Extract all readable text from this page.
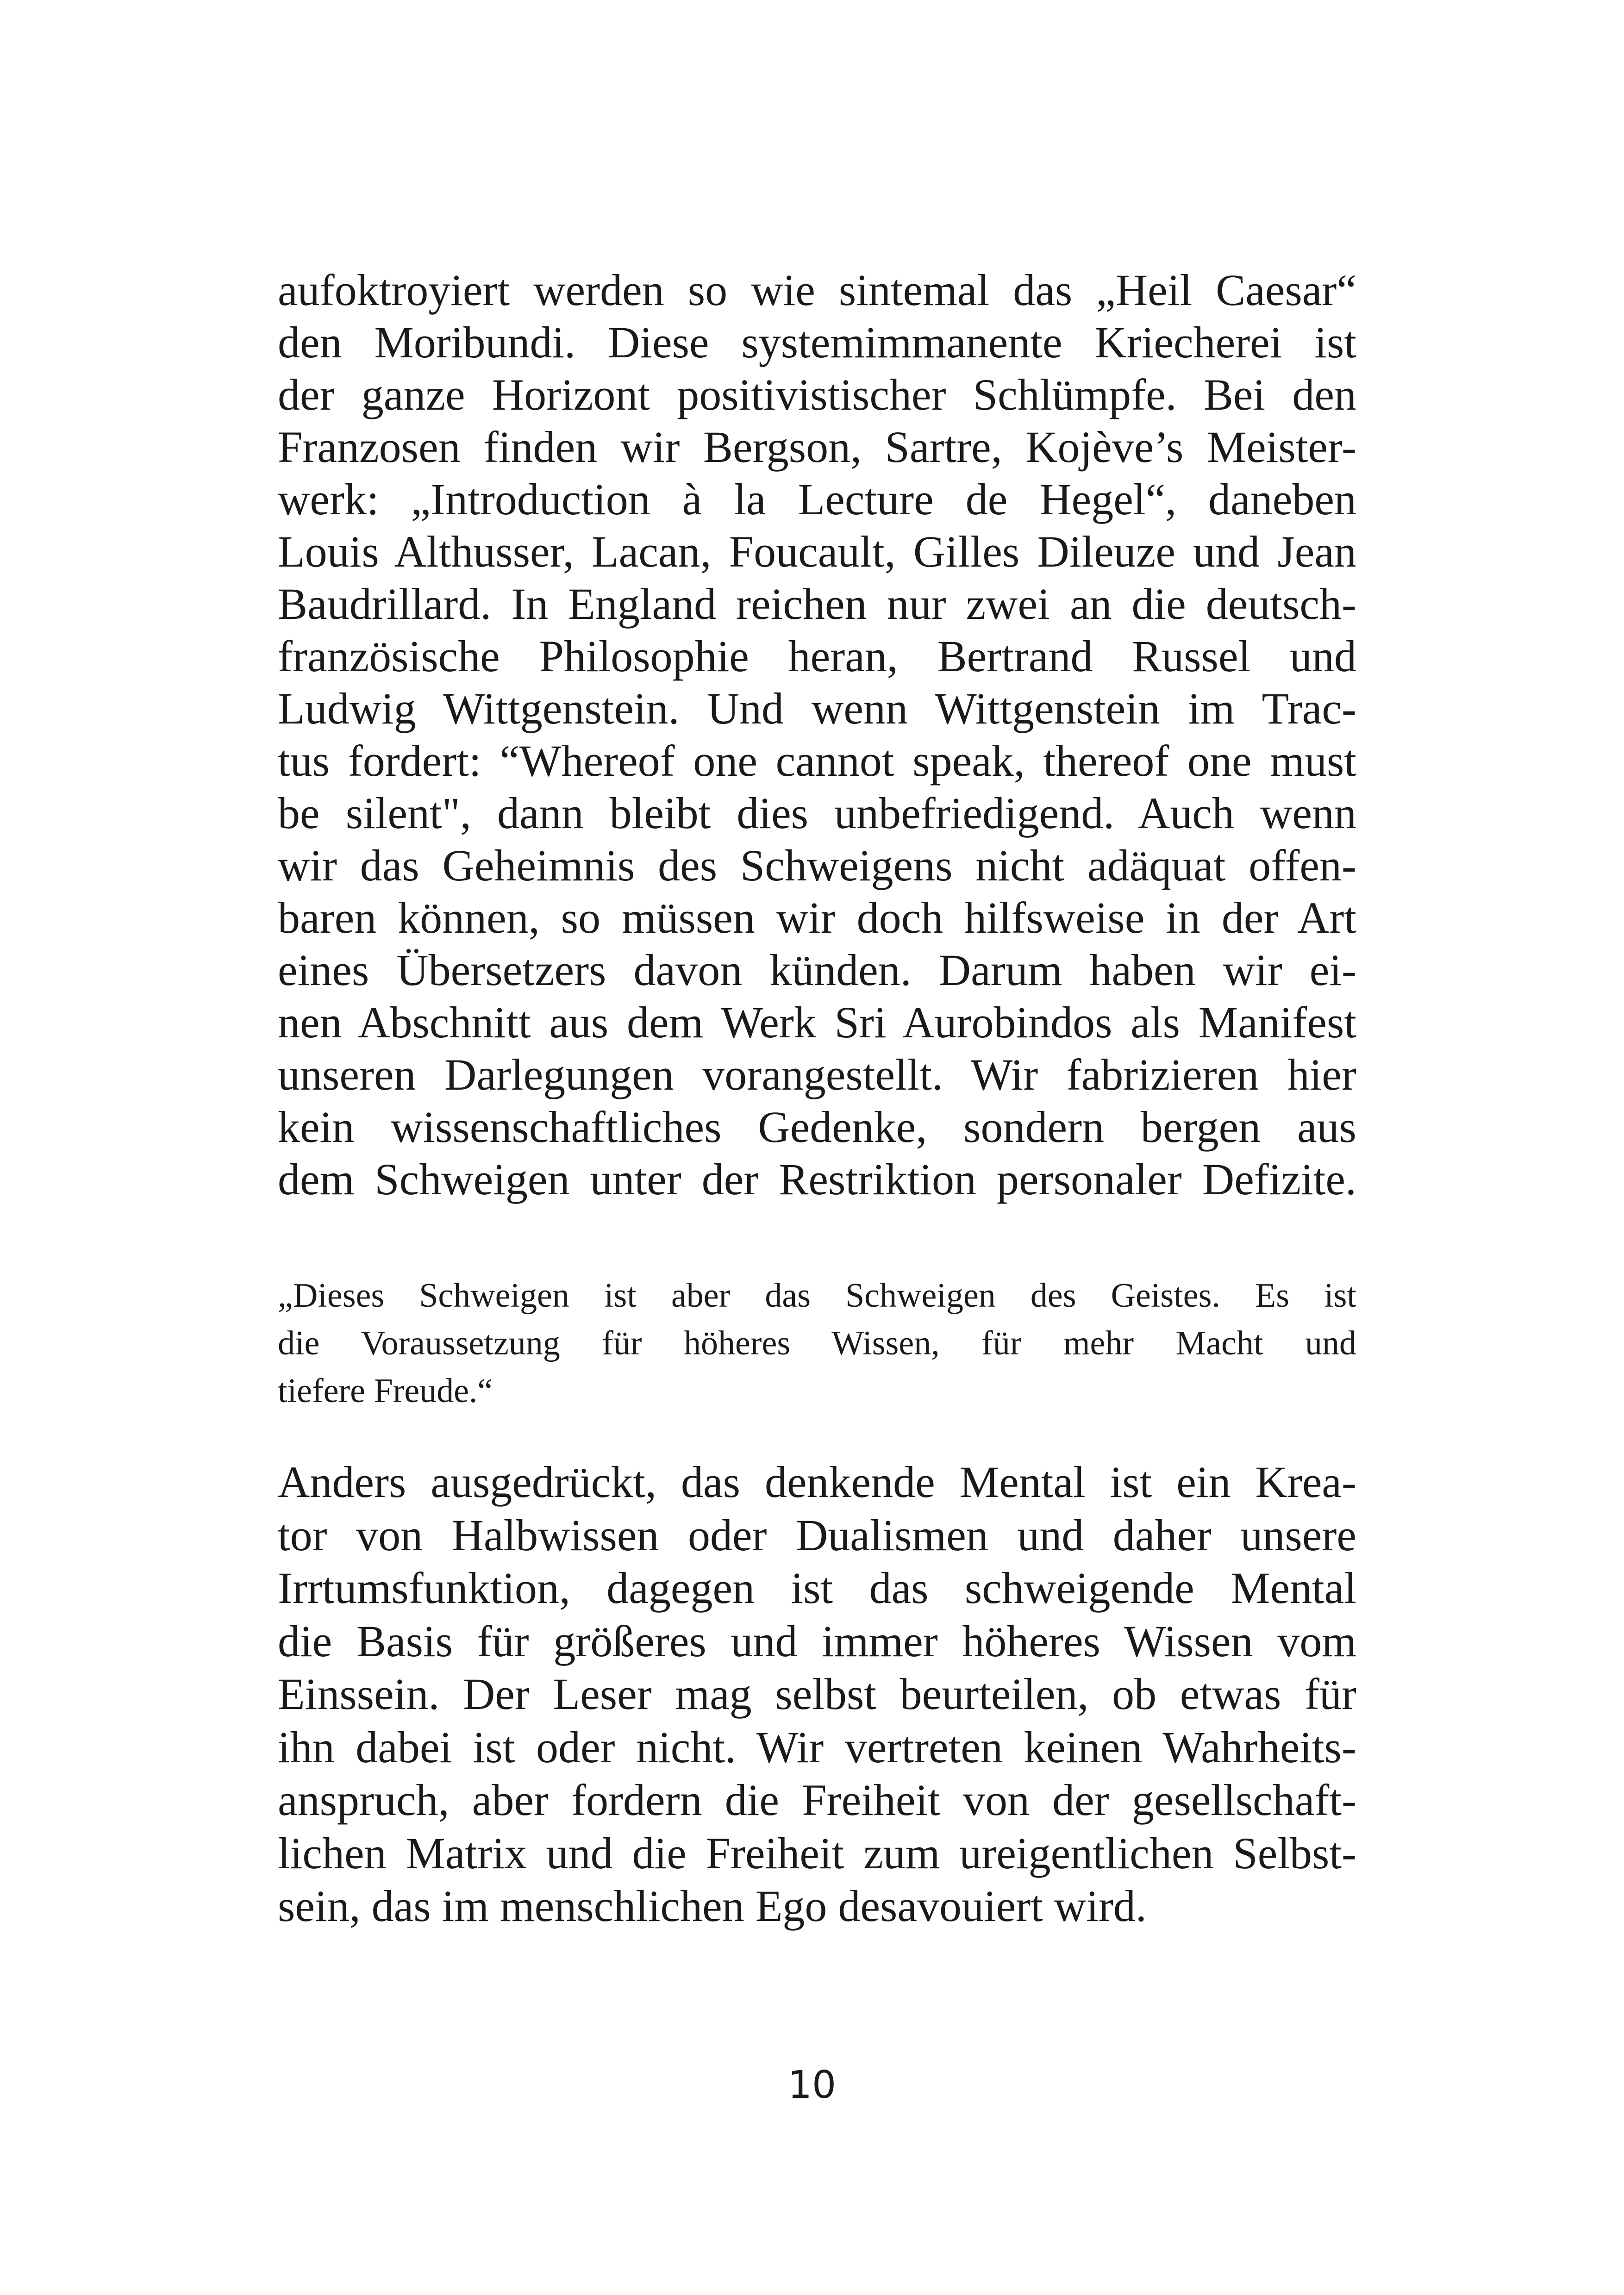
aufoktroyiert werden so wie sintemal das „Heil Caesar“
den Moribundi. Diese systemimmanente Kriecherei ist
der ganze Horizont positivistischer Schlümpfe. Bei den
Franzosen finden wir Bergson, Sartre, Kojève’s Meister-
werk: „Introduction à la Lecture de Hegel“, daneben
Louis Althusser, Lacan, Foucault, Gilles Dileuze und Jean
Baudrillard. In England reichen nur zwei an die deutsch-
französische Philosophie heran, Bertrand Russel und
Ludwig Wittgenstein. Und wenn Wittgenstein im Trac-
tus fordert: “Whereof one cannot speak, thereof one must
be silent", dann bleibt dies unbefriedigend. Auch wenn
wir das Geheimnis des Schweigens nicht adäquat offen-
baren können, so müssen wir doch hilfsweise in der Art
eines Übersetzers davon künden. Darum haben wir ei-
nen Abschnitt aus dem Werk Sri Aurobindos als Manifest
unseren Darlegungen vorangestellt. Wir fabrizieren hier
kein wissenschaftliches Gedenke, sondern bergen aus
dem Schweigen unter der Restriktion personaler Defizite.
„Dieses Schweigen ist aber das Schweigen des Geistes. Es ist
die Voraussetzung für höheres Wissen, für mehr Macht und
tiefere Freude.“
Anders ausgedrückt, das denkende Mental ist ein Krea-
tor von Halbwissen oder Dualismen und daher unsere
Irrtumsfunktion, dagegen ist das schweigende Mental
die Basis für größeres und immer höheres Wissen vom
Einssein. Der Leser mag selbst beurteilen, ob etwas für
ihn dabei ist oder nicht. Wir vertreten keinen Wahrheits-
anspruch, aber fordern die Freiheit von der gesellschaft-
lichen Matrix und die Freiheit zum ureigentlichen Selbst-
sein, das im menschlichen Ego desavouiert wird.
10
